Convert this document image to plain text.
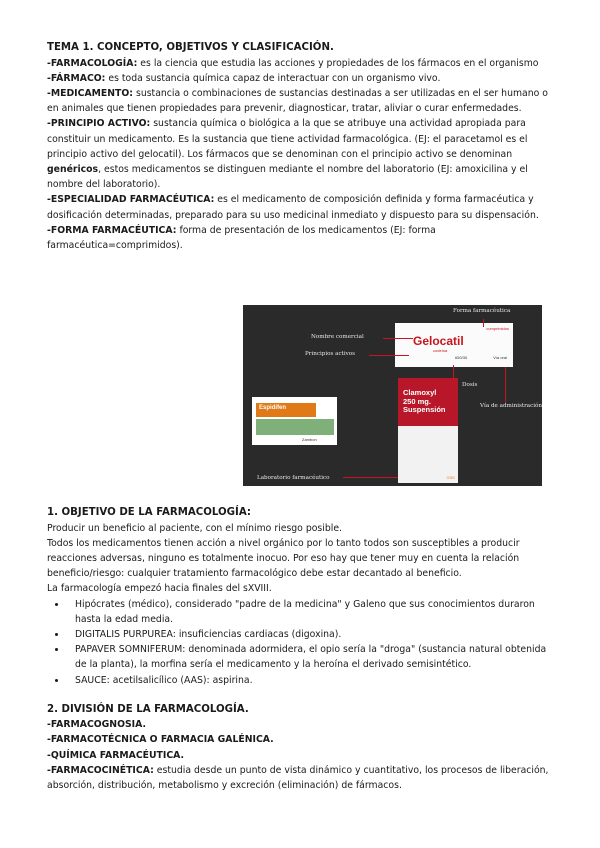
TEMA 1. CONCEPTO, OBJETIVOS Y CLASIFICACIÓN.

-FARMACOLOGÍA: es la ciencia que estudia las acciones y propiedades de los fármacos en el organismo

-FÁRMACO: es toda sustancia química capaz de interactuar con un organismo vivo.

-MEDICAMENTO: sustancia o combinaciones de sustancias destinadas a ser utilizadas en el ser humano o en animales que tienen propiedades para prevenir, diagnosticar, tratar, aliviar o curar enfermedades.

-PRINCIPIO ACTIVO: sustancia química o biológica a la que se atribuye una actividad apropiada para constituir un medicamento. Es la sustancia que tiene actividad farmacológica. (EJ: el paracetamol es el principio activo del gelocatil). Los fármacos que se denominan con el principio activo se denominan genéricos, estos medicamentos se distinguen mediante el nombre del laboratorio (EJ: amoxicilina y el nombre del laboratorio).

-ESPECIALIDAD FARMACÉUTICA: es el medicamento de composición definida y forma farmacéutica y dosificación determinadas, preparado para su uso medicinal inmediato y dispuesto para su dispensación.

-FORMA FARMACÉUTICA: forma de presentación de los medicamentos (EJ: forma farmacéutica=comprimidos).

Forma farmacéutica
Nombre comercial
Principios activos
Dosis
Vía de administración
Laboratorio farmacéutico
comprimidos
Gelocatil
codeína
650/30	Vía oral
Clamoxyl
250 mg.
Suspensión
GSK
Espidifen
Zambon

1. OBJETIVO DE LA FARMACOLOGÍA:

Producir un beneficio al paciente, con el mínimo riesgo posible.

Todos los medicamentos tienen acción a nivel orgánico por lo tanto todos son susceptibles a producir reacciones adversas, ninguno es totalmente inocuo. Por eso hay que tener muy en cuenta la relación beneficio/riesgo: cualquier tratamiento farmacológico debe estar decantado al beneficio.

La farmacología empezó hacia finales del sXVIII.

• Hipócrates (médico), considerado "padre de la medicina" y Galeno que sus conocimientos duraron hasta la edad media.
• DIGITALIS PURPUREA: insuficiencias cardiacas (digoxina).
• PAPAVER SOMNIFERUM: denominada adormidera, el opio sería la "droga" (sustancia natural obtenida de la planta), la morfina sería el medicamento y la heroína el derivado semisintético.
• SAUCE: acetilsalicílico (AAS): aspirina.

2. DIVISIÓN DE LA FARMACOLOGÍA.

-FARMACOGNOSIA.

-FARMACOTÉCNICA O FARMACIA GALÉNICA.

-QUÍMICA FARMACÉUTICA.

-FARMACOCINÉTICA: estudia desde un punto de vista dinámico y cuantitativo, los procesos de liberación, absorción, distribución, metabolismo y excreción (eliminación) de fármacos.
